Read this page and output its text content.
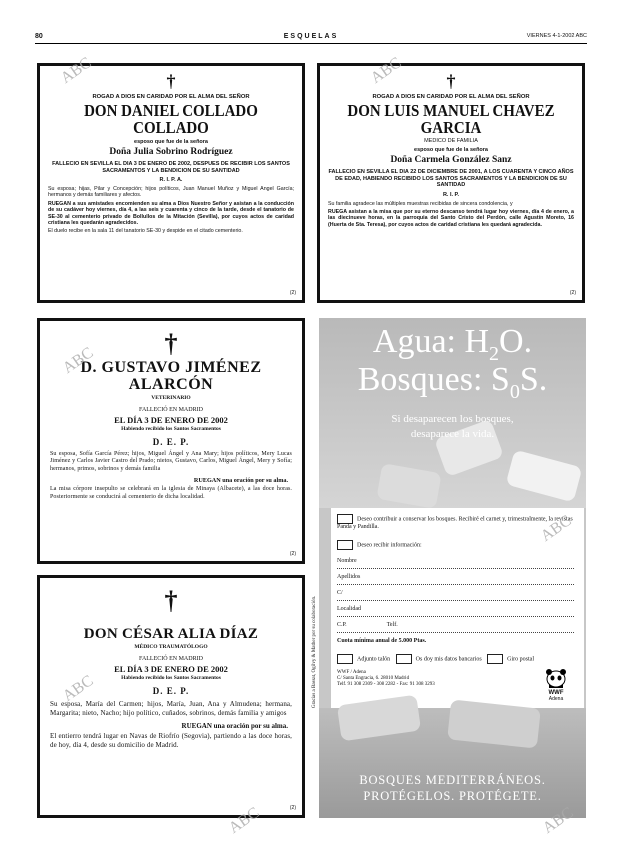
80	ESQUELAS	VIERNES 4-1-2002 ABC
†
ROGAD A DIOS EN CARIDAD POR EL ALMA DEL SEÑOR
DON DANIEL COLLADO COLLADO
esposo que fue de la señora
Doña Julia Sobrino Rodríguez
FALLECIO EN SEVILLA EL DIA 3 DE ENERO DE 2002, DESPUES DE RECIBIR LOS SANTOS SACRAMENTOS Y LA BENDICION DE SU SANTIDAD
R. I. P. A.
Su esposa; hijas, Pilar y Concepción; hijos políticos, Juan Manuel Muñoz y Miguel Angel García; hermanos y demás familiares y afectos.
RUEGAN a sus amistades encomienden su alma a Dios Nuestro Señor y asistan a la conducción de su cadáver hoy viernes, día 4, a las seis y cuarenta y cinco de la tarde, desde el tanatorio de SE-30 al cementerio privado de Bollullos de la Mitación (Sevilla), por cuyos actos de caridad cristiana les quedarán agradecidos.
El duelo recibe en la sala 11 del tanatorio SE-30 y despide en el citado cementerio.
(2)
†
ROGAD A DIOS EN CARIDAD POR EL ALMA DEL SEÑOR
DON LUIS MANUEL CHAVEZ GARCIA
MEDICO DE FAMILIA
esposo que fue de la señora
Doña Carmela González Sanz
FALLECIO EN SEVILLA EL DIA 22 DE DICIEMBRE DE 2001, A LOS CUARENTA Y CINCO AÑOS DE EDAD, HABIENDO RECIBIDO LOS SANTOS SACRAMENTOS Y LA BENDICION DE SU SANTIDAD
R. I. P.
Su familia agradece las múltiples muestras recibidas de sincera condolencia, y
RUEGA asistan a la misa que por su eterno descanso tendrá lugar hoy viernes, día 4 de enero, a las diecinueve horas, en la parroquia del Santo Cristo del Perdón, calle Agustín Moreto, 16 (Huerta de Sta. Teresa), por cuyos actos de caridad cristiana les quedará agradecida.
(2)
†
D. GUSTAVO JIMÉNEZ ALARCÓN
VETERINARIO
FALLECIÓ EN MADRID
EL DÍA 3 DE ENERO DE 2002
Habiendo recibido los Santos Sacramentos
D. E. P.
Su esposa, Sofía García Pérez; hijos, Miguel Ángel y Ana Mary; hijos políticos, Mery Lucas Jiménez y Carlos Javier Castro del Prado; nietos, Gustavo, Carlos, Miguel Ángel, Mery y Sofía; hermanos, primos, sobrinos y demás familia
RUEGAN una oración por su alma.
La misa córpore insepulto se celebrará en la iglesia de Minaya (Albacete), a las doce horas. Posteriormente se conducirá al cementerio de dicha localidad.
(2)
†
DON CÉSAR ALIA DÍAZ
MÉDICO TRAUMATÓLOGO
FALLECIÓ EN MADRID
EL DÍA 3 DE ENERO DE 2002
Habiendo recibido los Santos Sacramentos
D. E. P.
Su esposa, María del Carmen; hijos, María, Juan, Ana y Almudena; hermana, Margarita; nieto, Nacho; hijo político, cuñados, sobrinos, demás familia y amigos
RUEGAN una oración por su alma.
El entierro tendrá lugar en Navas de Riofrío (Segovia), partiendo a las doce horas, de hoy, día 4, desde su domicilio de Madrid.
(2)
Agua: $H_2O$.
Bosques: $S_0S$.
Si desaparecen los bosques,
desaparece la vida.
Deseo contribuir a conservar los bosques. Recibiré el carnet y, trimestralmente, la revistas Panda y Pandilla.
Deseo recibir información:
Nombre
Apellidos
C/
Localidad
C.P.	Telf.
Cuota mínima anual de 5.000 Ptas.
Adjunto talón	Os doy mis datos bancarios	Giro postal
WWF / Adena
C/ Santa Engracia, 6. 28010 Madrid
Telf. 91 308 2309 - 308 2282 - Fax: 91 308 3293
WWF
Adena
Gracias a Bassat, Ogilvy & Mather por su colaboración.
BOSQUES MEDITERRÁNEOS.
PROTÉGELOS. PROTÉGETE.
ABC	ABC
ABC
ABC
ABC
ABC	ABC
